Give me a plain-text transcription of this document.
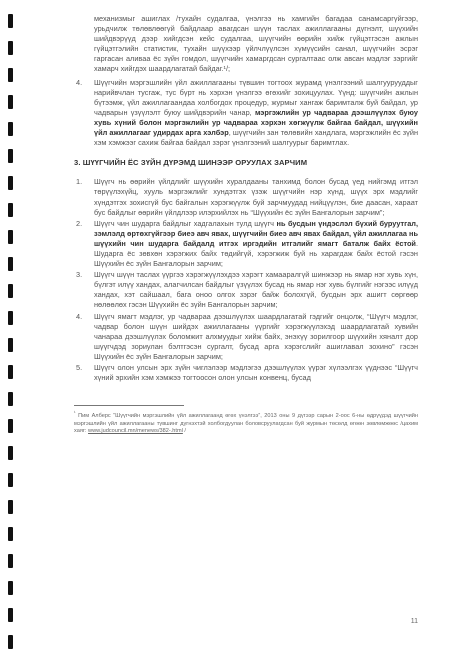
механизмыг ашиглах /тухайн судалгаа, үнэлгээ нь хамгийн багадаа санамсаргүйгээр, урьдчилж төлөвлөөгүй байдлаар авагдсан шүүн таслах ажиллагааны дүгнэлт, шүүхийн шийдвэрүүд дээр хийгдсэн кейс судалгаа, шүүгчийн өөрийн хийж гүйцэтгэсэн ажлын гүйцэтгэлийн статистик, тухайн шүүхээр үйлчлүүлсэн хүмүүсийн санал, шүүгчийн эсрэг гаргасан аливаа ёс зүйн гомдол, шүүгчийн хамаргдсан сургалтаас олж авсан мэдлэг зэргийг хамарч хийгдэх шаардлагатай байдаг.¹/;

4. Шүүгчийн мэргэшлийн үйл ажиллагааны түвшин тогтоох журамд үнэлгээний шалгуурууддыг нарийвчлан тусгаж, тус бүрт нь хэрхэн үнэлгээ өгөхийг зохицуулах. Үүнд: шүүгчийн ажлын бүтээмж, үйл ажиллагаандаа холбогдох процедур, журмыг хангаж баримталж буй байдал, ур чадварын үзүүлэлт буюу шийдвэрийн чанар, мэргэжлийн ур чадвараа дээшлүүлэх буюу хувь хүний болон мэргэжлийн ур чадвараа хэрхэн хөгжүүлж байгаа байдал, шүүхийн үйл ажиллагааг удирдах арга хэлбэр, шүүгчийн зан төлөвийн хандлага, мэргэжлийн ёс зүйн хэм хэмжээг сахиж байгаа байдал зэрэг үнэлгээний шалгуурыг баримтлах.
3. ШҮҮГЧИЙН ЁС ЗҮЙН ДҮРЭМД ШИНЭЭР ОРУУЛАХ ЗАРЧИМ
1. Шүүгч нь өөрийн үйлдлийг шүүхийн хуралдааны танхимд болон бусад үед нийгэмд итгэл төрүүлэхүйц, хууль мэргэжлийг хундэтгэх үзэж шүүгчийн нэр хүнд, шүүх эрх мэдлийг хүндэтгэх зохисгүй бус байгалын хэрэгжүүлж буй зарчмуудад нийцүүлэн, бие даасан, хараат бус байдлыг өөрийн үйлдлээр илэрхийлэх нь “Шүүхийн ёс зүйн Бангалорын зарчим”;
2. Шүүгч чин шударга байдлыг хадгалахын тулд шүүгч нь бусдын үндэслэл бүхий буруутгал, зэмлэлд өртөхгүйгээр биеэ авч явах, шүүгчийн биеэ авч явах байдал, үйл ажиллагаа нь шүүхийн чин шударга байдалд итгэх иргэдийн итгэлийг ямагт баталж байх ёстой. Шударга ёс зөвхөн хэрэгжих байх төдийгүй, хэрэгжиж буй нь харагдаж байх ёстой гэсэн Шүүхийн ёс зүйн Бангалорын зарчим;
3. Шүүгч шүүн таслах үүргээ хэрэгжүүлэхдээ хэрэгт хамааралгүй шинжээр нь ямар нэг хувь хүн, бүлгэт илүү хандах, алагчилсан байдлыг үзүүлэх бусад нь ямар нэг хувь бүлгийг нэгээс илүүд хандах, хэт сайшаал, бага оноо олгох зэрэг байж болохгүй, бусдын эрх ашигт сөргөөр нөлөөлөх гэсэн Шүүхийн ёс зүйн Бангалорын зарчим;
4. Шүүгч ямагт мэдлэг, ур чадвараа дээшлүүлэх шаардлагатай гэдгийг онцолж, “Шүүгч мэдлэг, чадвар болон шүүн шийдэх ажиллагааны үүргийг хэрэгжүүлэхэд шаардлагатай хувийн чанараа дээшлүүлэх боломжит алхмуудыг хийж байх, энэхүү зорилгоор шүүхийн хяналт дор шүүгчдэд зориулан бэлтгэсэн сургалт, бусад арга хэрэгслийг ашиглавал зохино” гэсэн Шүүхийн ёс зүйн Бангалорын зарчим;
5. Шүүгч олон улсын эрх зүйн чиглэлээр мэдлэгээ дээшлүүлэх үүрэг хүлээлгэх үүднээс “Шүүгч хүний эрхийн хэм хэмжээ тогтоосон олон улсын конвенц, бусад
$^{^1}$ Пим Алберс “Шүүгчийн мэргэшлийн үйл ажиллагаанд өгөх үнэлгээ”, 2013 оны 9 дүгээр сарын 2-оос 6-ны өдрүүдэд шүүгчийн мэргэшлийн үйл ажиллагааны түвшинг дүгнэхтэй холбогдуулан боловсруулагдсан буй журмын төсөлд өгөөн зөвлөмжөөс /цахим хаяг: www.judcouncil.mn/menews/382-.html /
11
